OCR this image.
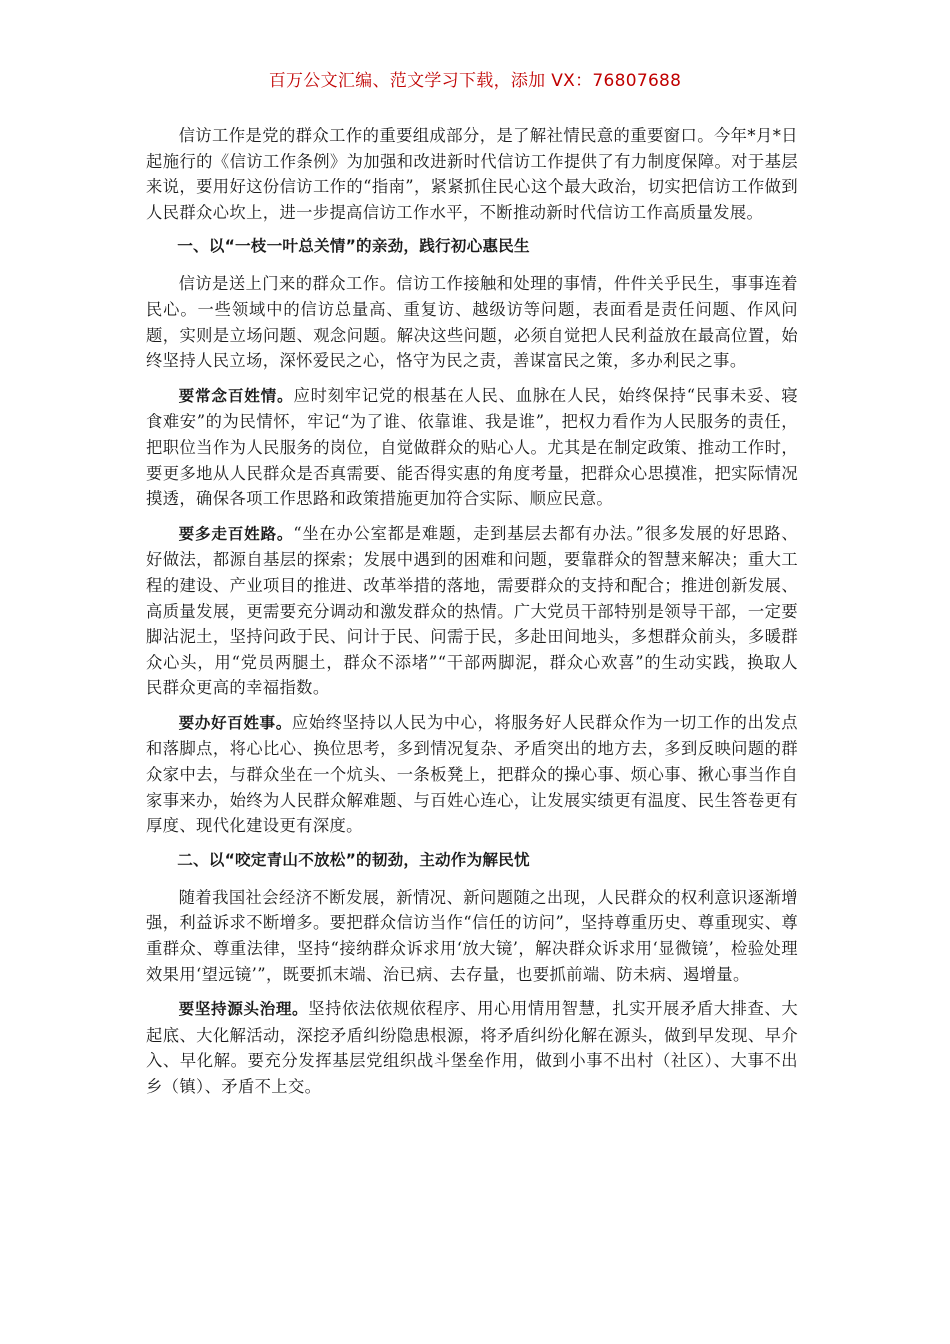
百万公文汇编、范文学习下载，添加 VX：76807688

信访工作是党的群众工作的重要组成部分，是了解社情民意的重要窗口。今年*月*日起施行的《信访工作条例》为加强和改进新时代信访工作提供了有力制度保障。对于基层来说，要用好这份信访工作的“指南”，紧紧抓住民心这个最大政治，切实把信访工作做到人民群众心坎上，进一步提高信访工作水平，不断推动新时代信访工作高质量发展。

一、以“一枝一叶总关情”的亲劲，践行初心惠民生

信访是送上门来的群众工作。信访工作接触和处理的事情，件件关乎民生，事事连着民心。一些领域中的信访总量高、重复访、越级访等问题，表面看是责任问题、作风问题，实则是立场问题、观念问题。解决这些问题，必须自觉把人民利益放在最高位置，始终坚持人民立场，深怀爱民之心，恪守为民之责，善谋富民之策，多办利民之事。

要常念百姓情。应时刻牢记党的根基在人民、血脉在人民，始终保持“民事未妥、寝食难安”的为民情怀，牢记“为了谁、依靠谁、我是谁”，把权力看作为人民服务的责任，把职位当作为人民服务的岗位，自觉做群众的贴心人。尤其是在制定政策、推动工作时，要更多地从人民群众是否真需要、能否得实惠的角度考量，把群众心思摸准，把实际情况摸透，确保各项工作思路和政策措施更加符合实际、顺应民意。

要多走百姓路。“坐在办公室都是难题，走到基层去都有办法。”很多发展的好思路、好做法，都源自基层的探索；发展中遇到的困难和问题，要靠群众的智慧来解决；重大工程的建设、产业项目的推进、改革举措的落地，需要群众的支持和配合；推进创新发展、高质量发展，更需要充分调动和激发群众的热情。广大党员干部特别是领导干部，一定要脚沾泥土，坚持问政于民、问计于民、问需于民，多赴田间地头，多想群众前头，多暖群众心头，用“党员两腿土，群众不添堵”“干部两脚泥，群众心欢喜”的生动实践，换取人民群众更高的幸福指数。

要办好百姓事。应始终坚持以人民为中心，将服务好人民群众作为一切工作的出发点和落脚点，将心比心、换位思考，多到情况复杂、矛盾突出的地方去，多到反映问题的群众家中去，与群众坐在一个炕头、一条板凳上，把群众的操心事、烦心事、揪心事当作自家事来办，始终为人民群众解难题、与百姓心连心，让发展实绩更有温度、民生答卷更有厚度、现代化建设更有深度。

二、以“咬定青山不放松”的韧劲，主动作为解民忧

随着我国社会经济不断发展，新情况、新问题随之出现，人民群众的权利意识逐渐增强，利益诉求不断增多。要把群众信访当作“信任的访问”，坚持尊重历史、尊重现实、尊重群众、尊重法律，坚持“接纳群众诉求用‘放大镜’，解决群众诉求用‘显微镜’，检验处理效果用‘望远镜’”，既要抓末端、治已病、去存量，也要抓前端、防未病、遏增量。

要坚持源头治理。坚持依法依规依程序、用心用情用智慧，扎实开展矛盾大排查、大起底、大化解活动，深挖矛盾纠纷隐患根源，将矛盾纠纷化解在源头，做到早发现、早介入、早化解。要充分发挥基层党组织战斗堡垒作用，做到小事不出村（社区）、大事不出乡（镇）、矛盾不上交。
